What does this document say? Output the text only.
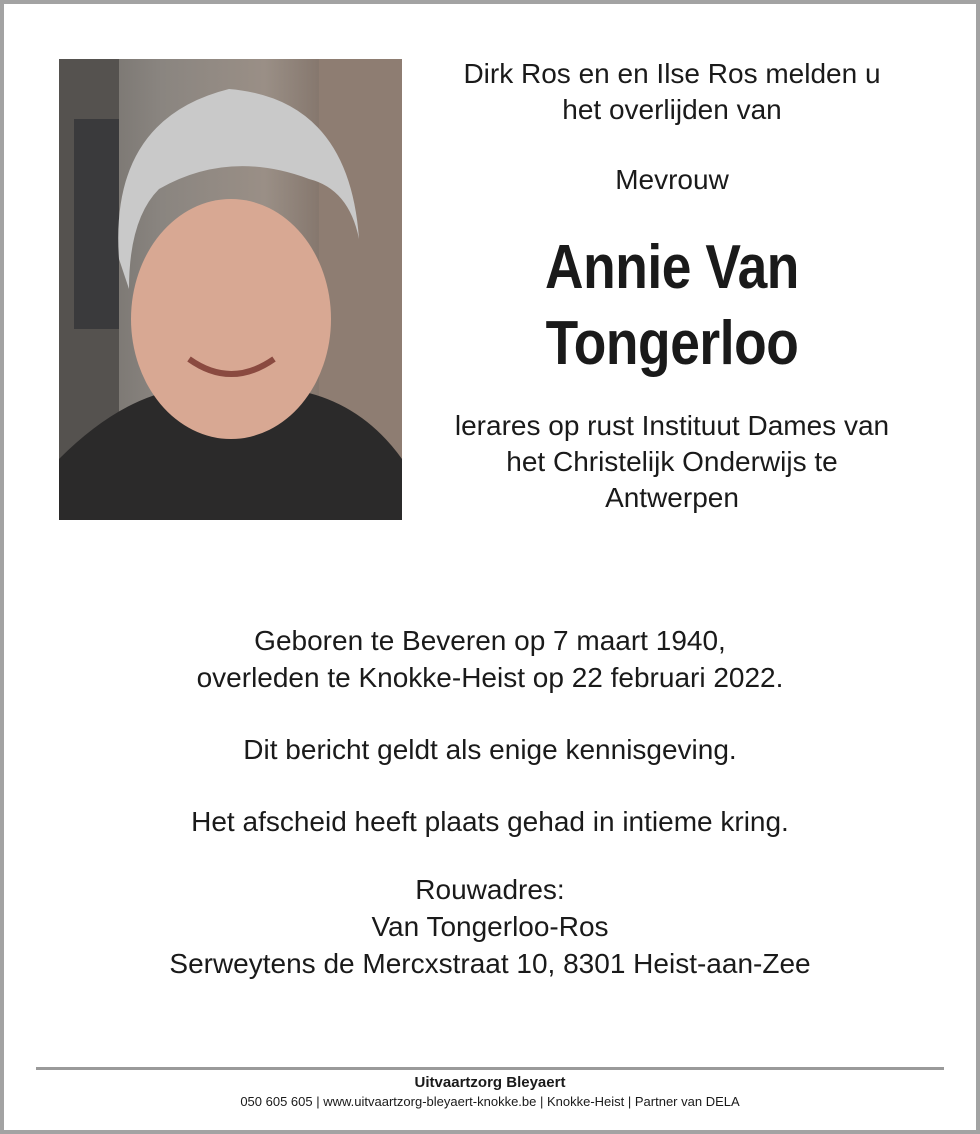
Dirk Ros en en Ilse Ros melden u
het overlijden van
Mevrouw
Annie Van
Tongerloo
lerares op rust Instituut Dames van
het Christelijk Onderwijs te
Antwerpen
Geboren te Beveren op 7 maart 1940,
overleden te Knokke-Heist op 22 februari 2022.
Dit bericht geldt als enige kennisgeving.
Het afscheid heeft plaats gehad in intieme kring.
Rouwadres:
Van Tongerloo-Ros
Serweytens de Mercxstraat 10, 8301 Heist-aan-Zee
Uitvaartzorg Bleyaert
050 605 605 | www.uitvaartzorg-bleyaert-knokke.be | Knokke-Heist | Partner van DELA
